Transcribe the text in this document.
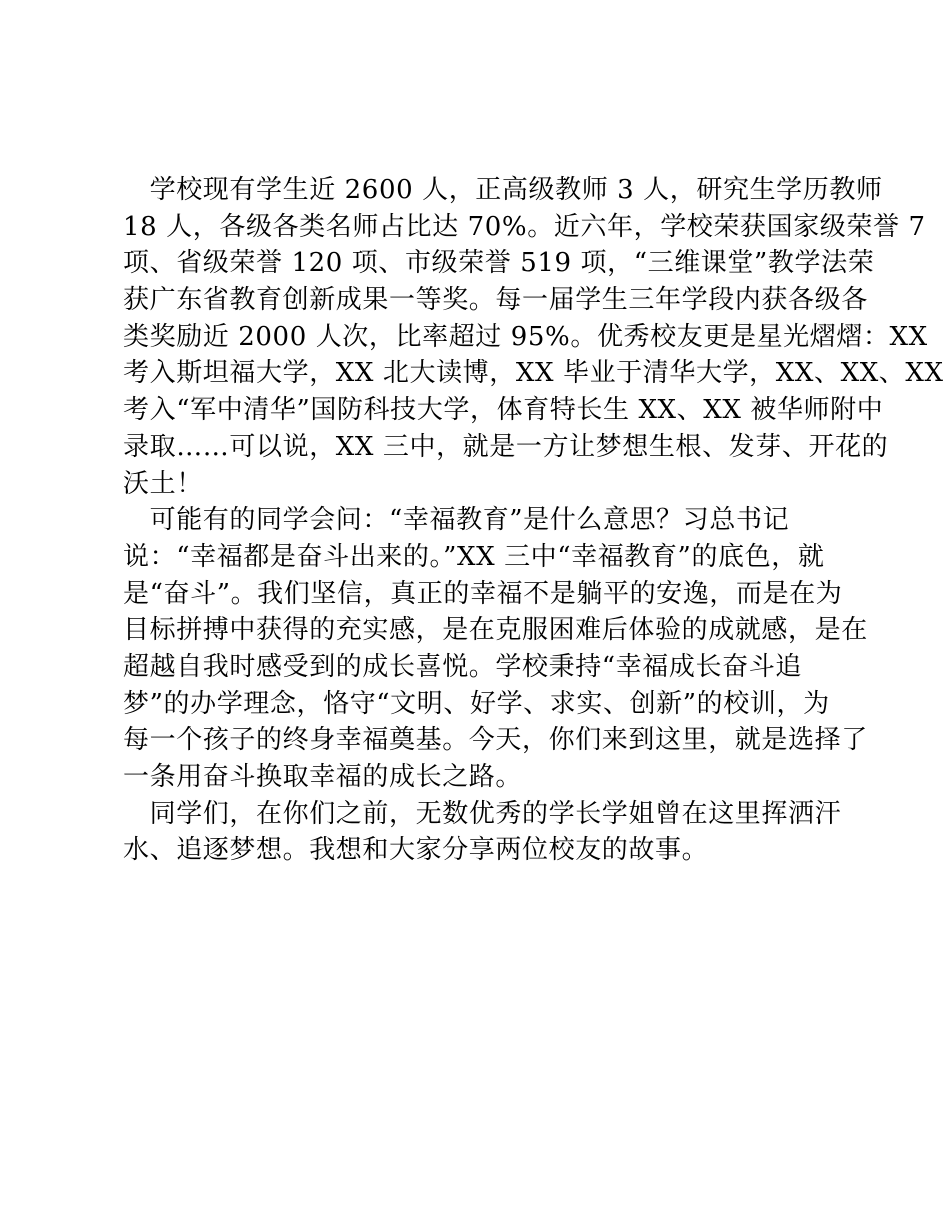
　学校现有学生近 2600 人，正高级教师 3 人，研究生学历教师
18 人，各级各类名师占比达 70%。近六年，学校荣获国家级荣誉 7
项、省级荣誉 120 项、市级荣誉 519 项，“三维课堂”教学法荣
获广东省教育创新成果一等奖。每一届学生三年学段内获各级各
类奖励近 2000 人次，比率超过 95%。优秀校友更是星光熠熠：XX
考入斯坦福大学，XX 北大读博，XX 毕业于清华大学，XX、XX、XX
考入“军中清华”国防科技大学，体育特长生 XX、XX 被华师附中
录取……可以说，XX 三中，就是一方让梦想生根、发芽、开花的
沃土！
　可能有的同学会问：“幸福教育”是什么意思？习总书记
说：“幸福都是奋斗出来的。”XX 三中“幸福教育”的底色，就
是“奋斗”。我们坚信，真正的幸福不是躺平的安逸，而是在为
目标拼搏中获得的充实感，是在克服困难后体验的成就感，是在
超越自我时感受到的成长喜悦。学校秉持“幸福成长奋斗追
梦”的办学理念，恪守“文明、好学、求实、创新”的校训，为
每一个孩子的终身幸福奠基。今天，你们来到这里，就是选择了
一条用奋斗换取幸福的成长之路。
　同学们，在你们之前，无数优秀的学长学姐曾在这里挥洒汗
水、追逐梦想。我想和大家分享两位校友的故事。
